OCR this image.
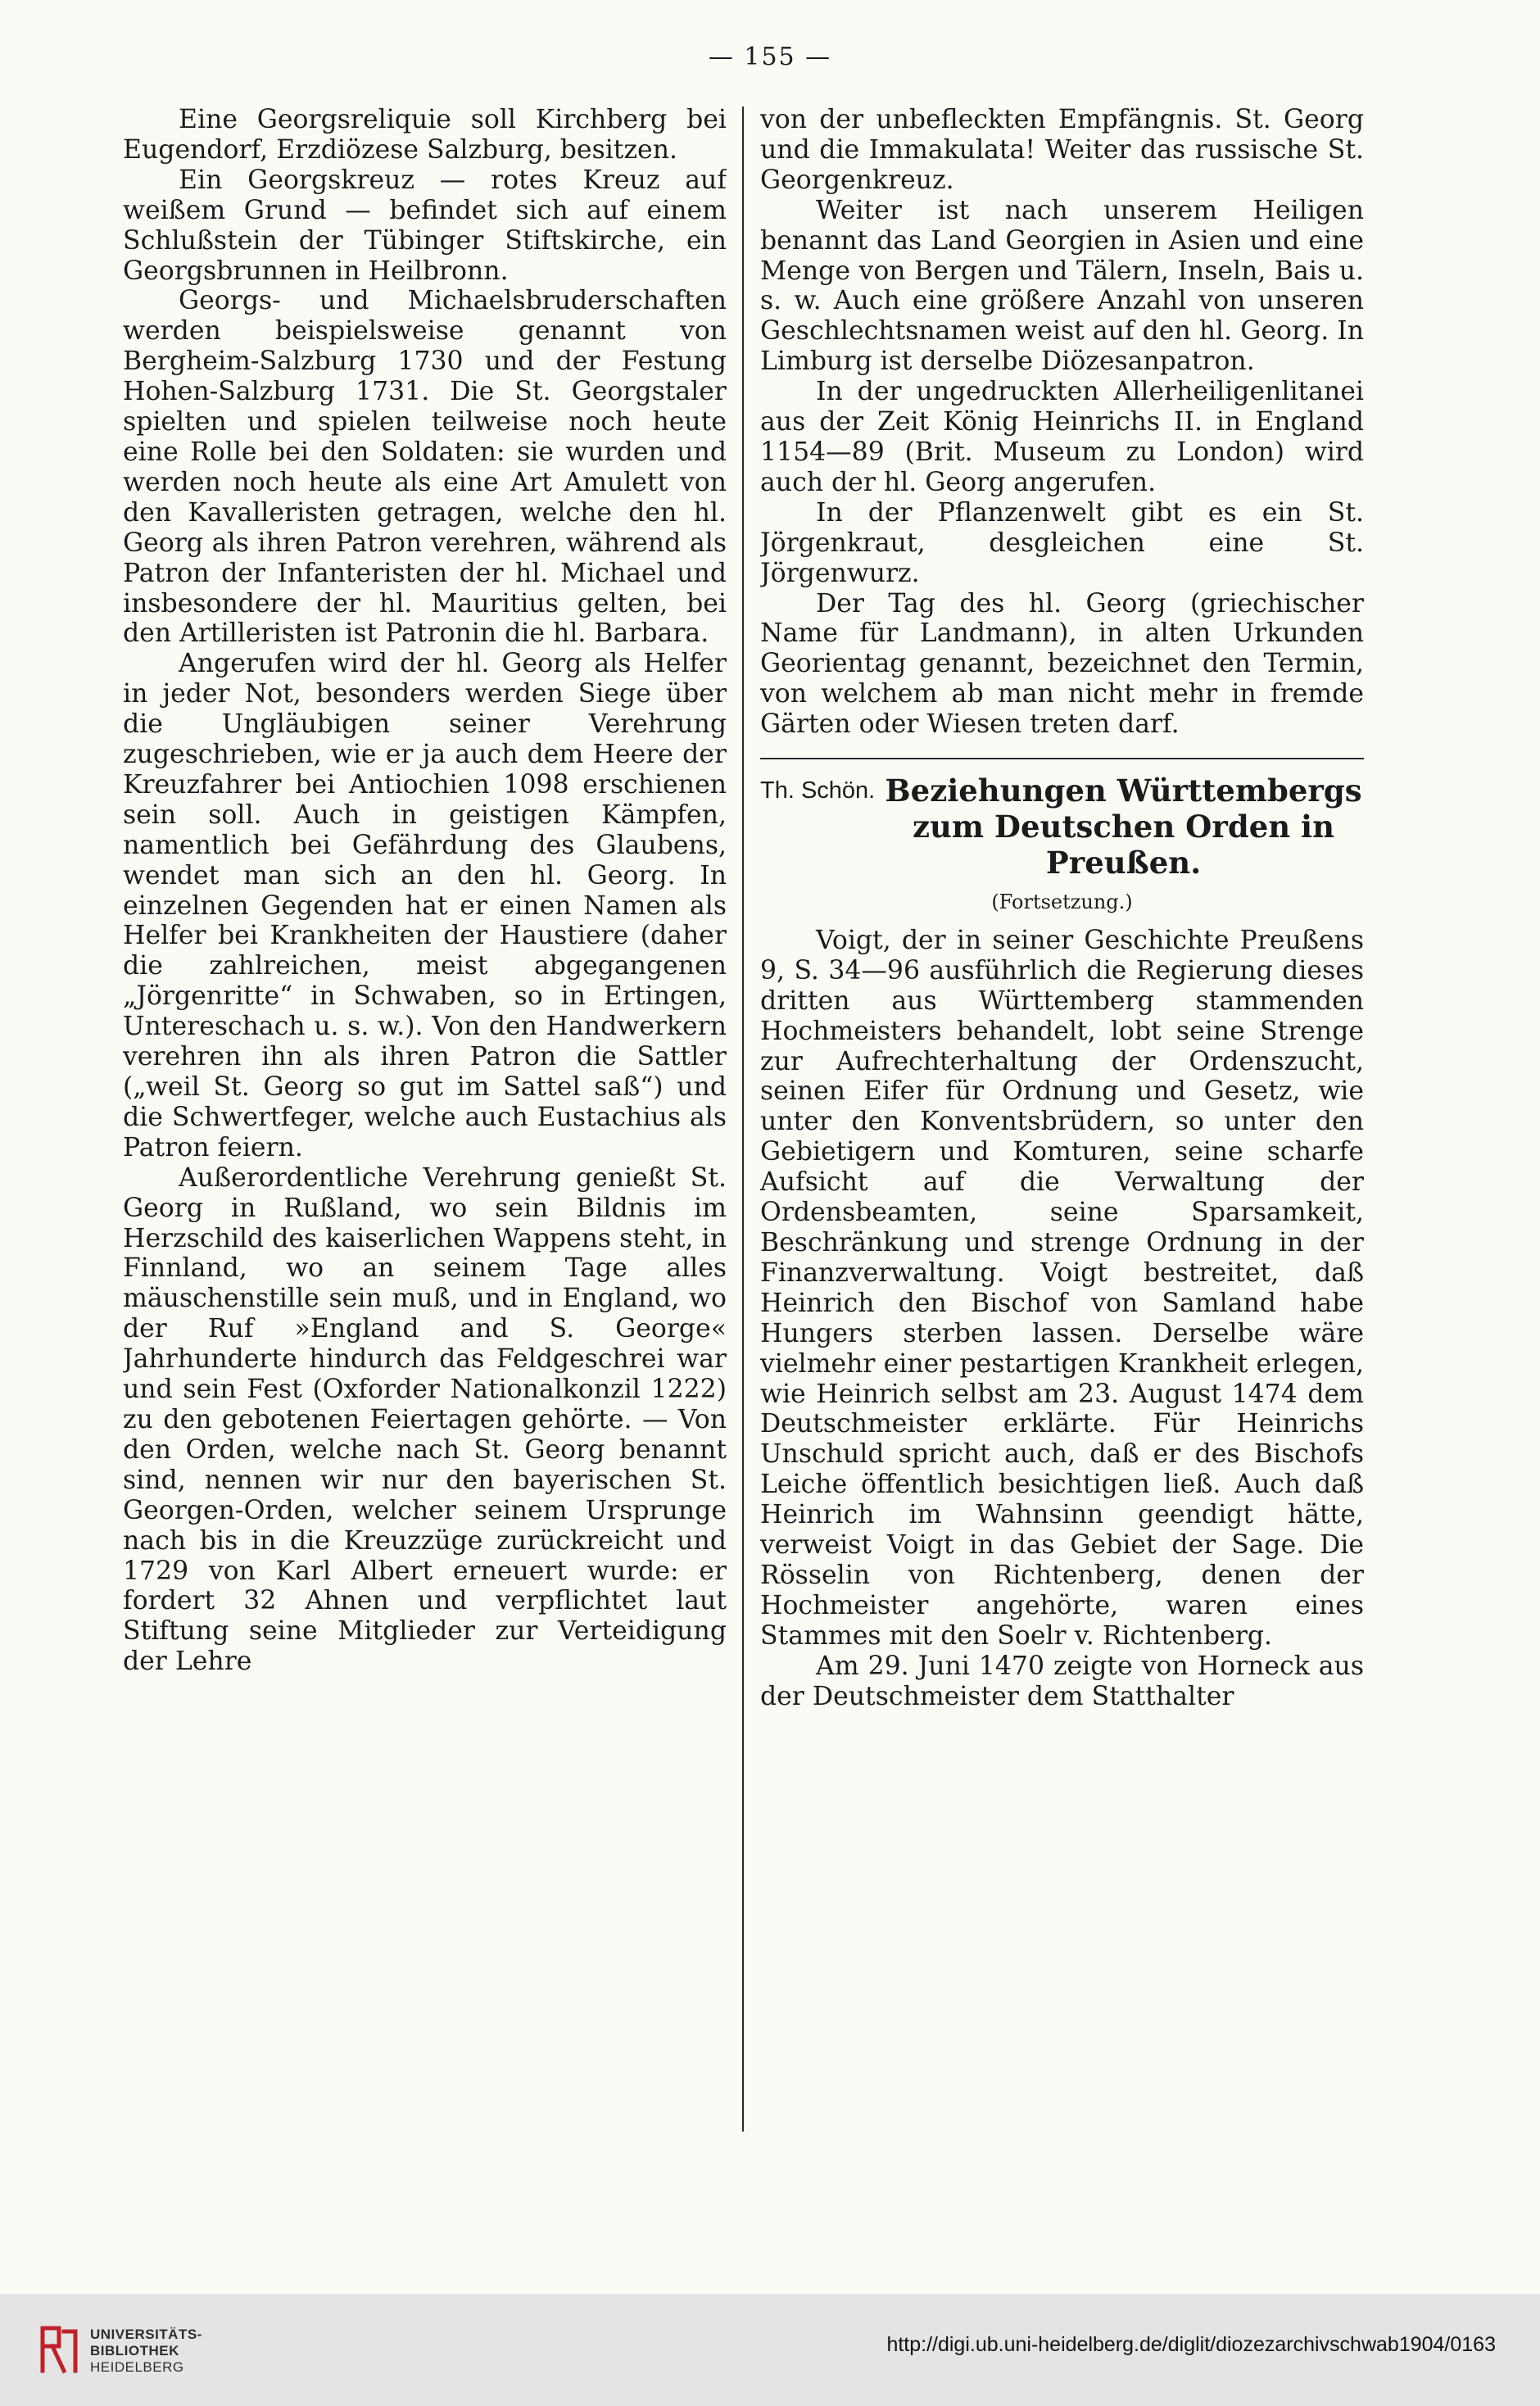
— 155 —

Eine Georgsreliquie soll Kirchberg bei Eugendorf, Erzdiözese Salzburg, besitzen.

Ein Georgskreuz — rotes Kreuz auf weißem Grund — befindet sich auf einem Schlußstein der Tübinger Stiftskirche, ein Georgsbrunnen in Heilbronn.

Georgs- und Michaelsbruderschaften werden beispielsweise genannt von Bergheim-Salzburg 1730 und der Festung Hohen-Salzburg 1731. Die St. Georgstaler spielten und spielen teilweise noch heute eine Rolle bei den Soldaten: sie wurden und werden noch heute als eine Art Amulett von den Kavalleristen getragen, welche den hl. Georg als ihren Patron verehren, während als Patron der Infanteristen der hl. Michael und insbesondere der hl. Mauritius gelten, bei den Artilleristen ist Patronin die hl. Barbara.

Angerufen wird der hl. Georg als Helfer in jeder Not, besonders werden Siege über die Ungläubigen seiner Verehrung zugeschrieben, wie er ja auch dem Heere der Kreuzfahrer bei Antiochien 1098 erschienen sein soll. Auch in geistigen Kämpfen, namentlich bei Gefährdung des Glaubens, wendet man sich an den hl. Georg. In einzelnen Gegenden hat er einen Namen als Helfer bei Krankheiten der Haustiere (daher die zahlreichen, meist abgegangenen „Jörgenritte“ in Schwaben, so in Ertingen, Untereschach u. s. w.). Von den Handwerkern verehren ihn als ihren Patron die Sattler („weil St. Georg so gut im Sattel saß“) und die Schwertfeger, welche auch Eustachius als Patron feiern.

Außerordentliche Verehrung genießt St. Georg in Rußland, wo sein Bildnis im Herzschild des kaiserlichen Wappens steht, in Finnland, wo an seinem Tage alles mäuschenstille sein muß, und in England, wo der Ruf »England and S. George« Jahrhunderte hindurch das Feldgeschrei war und sein Fest (Oxforder Nationalkonzil 1222) zu den gebotenen Feiertagen gehörte. — Von den Orden, welche nach St. Georg benannt sind, nennen wir nur den bayerischen St. Georgen-Orden, welcher seinem Ursprunge nach bis in die Kreuzzüge zurückreicht und 1729 von Karl Albert erneuert wurde: er fordert 32 Ahnen und verpflichtet laut Stiftung seine Mitglieder zur Verteidigung der Lehre

von der unbefleckten Empfängnis. St. Georg und die Immakulata! Weiter das russische St. Georgenkreuz.

Weiter ist nach unserem Heiligen benannt das Land Georgien in Asien und eine Menge von Bergen und Tälern, Inseln, Bais u. s. w. Auch eine größere Anzahl von unseren Geschlechtsnamen weist auf den hl. Georg. In Limburg ist derselbe Diözesanpatron.

In der ungedruckten Allerheiligenlitanei aus der Zeit König Heinrichs II. in England 1154—89 (Brit. Museum zu London) wird auch der hl. Georg angerufen.

In der Pflanzenwelt gibt es ein St. Jörgenkraut, desgleichen eine St. Jörgenwurz.

Der Tag des hl. Georg (griechischer Name für Landmann), in alten Urkunden Georientag genannt, bezeichnet den Termin, von welchem ab man nicht mehr in fremde Gärten oder Wiesen treten darf.

Th. Schön. Beziehungen Württembergs zum Deutschen Orden in Preußen.
(Fortsetzung.)

Voigt, der in seiner Geschichte Preußens 9, S. 34—96 ausführlich die Regierung dieses dritten aus Württemberg stammenden Hochmeisters behandelt, lobt seine Strenge zur Aufrechterhaltung der Ordenszucht, seinen Eifer für Ordnung und Gesetz, wie unter den Konventsbrüdern, so unter den Gebietigern und Komturen, seine scharfe Aufsicht auf die Verwaltung der Ordensbeamten, seine Sparsamkeit, Beschränkung und strenge Ordnung in der Finanzverwaltung. Voigt bestreitet, daß Heinrich den Bischof von Samland habe Hungers sterben lassen. Derselbe wäre vielmehr einer pestartigen Krankheit erlegen, wie Heinrich selbst am 23. August 1474 dem Deutschmeister erklärte. Für Heinrichs Unschuld spricht auch, daß er des Bischofs Leiche öffentlich besichtigen ließ. Auch daß Heinrich im Wahnsinn geendigt hätte, verweist Voigt in das Gebiet der Sage. Die Rösselin von Richtenberg, denen der Hochmeister angehörte, waren eines Stammes mit den Soelr v. Richtenberg.

Am 29. Juni 1470 zeigte von Horneck aus der Deutschmeister dem Statthalter

UNIVERSITÄTS-
BIBLIOTHEK
HEIDELBERG
http://digi.ub.uni-heidelberg.de/diglit/diozezarchivschwab1904/0163
